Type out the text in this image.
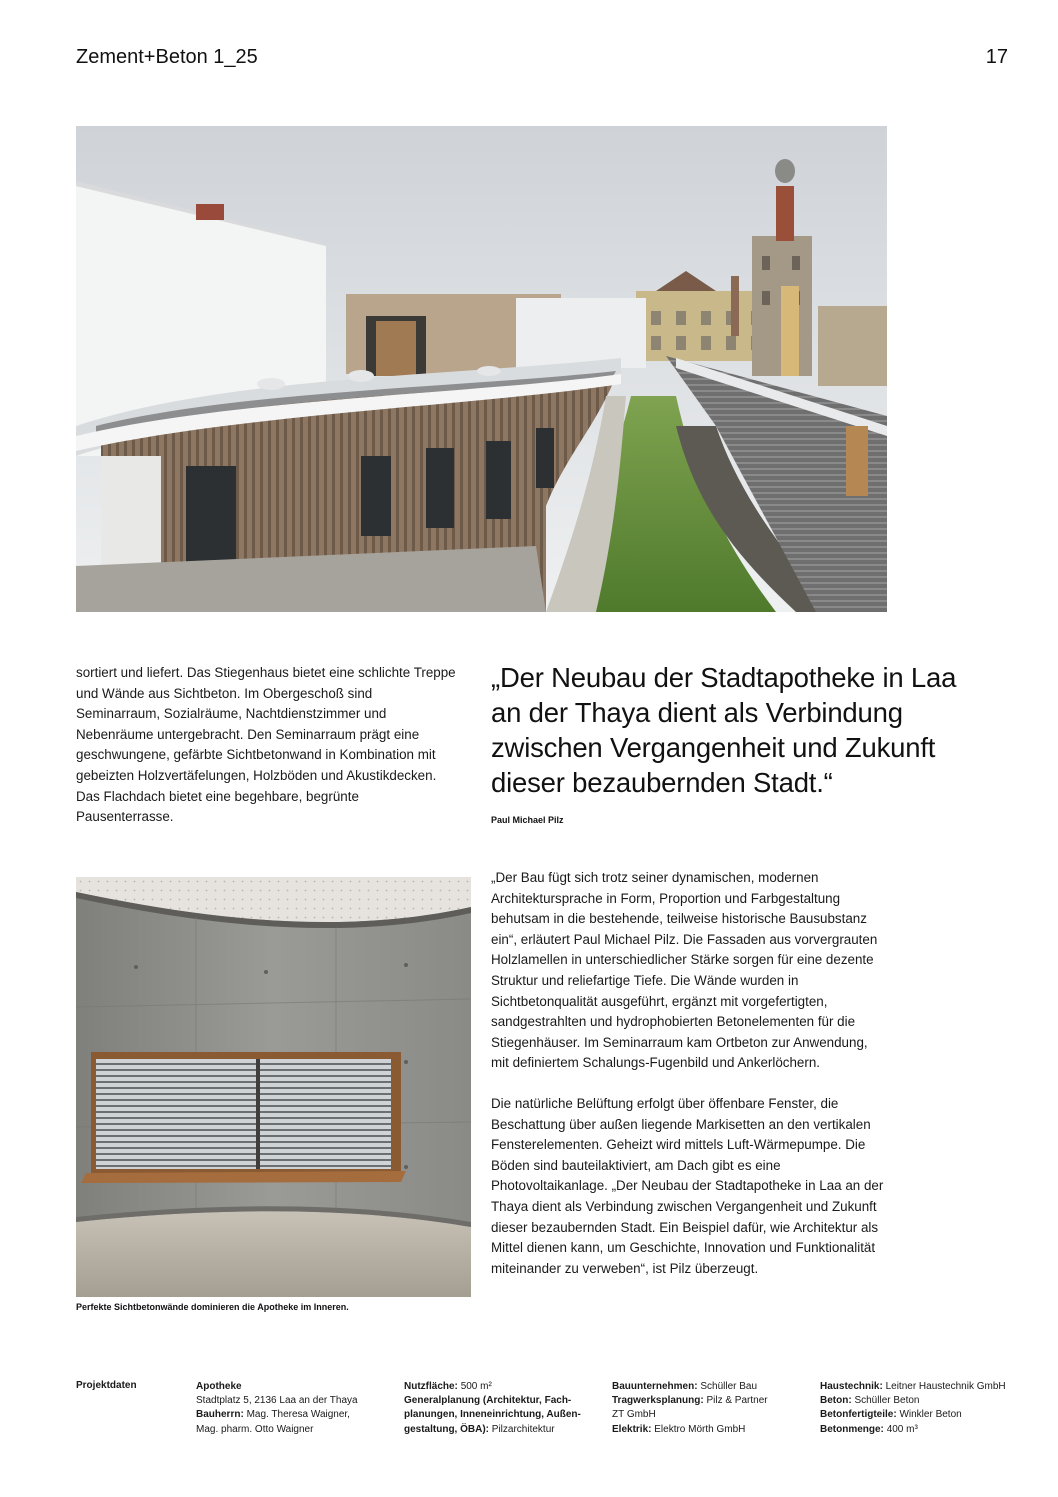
Zement+Beton 1_25	17

sortiert und liefert. Das Stiegenhaus bietet eine schlichte Treppe und Wände aus Sichtbeton. Im Obergeschoß sind Seminarraum, Sozialräume, Nachtdienstzimmer und Nebenräume untergebracht. Den Seminarraum prägt eine geschwungene, gefärbte Sichtbetonwand in Kombination mit gebeizten Holzvertäfelungen, Holzböden und Akustikdecken. Das Flachdach bietet eine begehbare, begrünte Pausenterrasse.

„Der Neubau der Stadtapotheke in Laa an der Thaya dient als Verbindung zwischen Vergangenheit und Zukunft dieser bezaubernden Stadt.“
Paul Michael Pilz

„Der Bau fügt sich trotz seiner dynamischen, modernen Architektursprache in Form, Proportion und Farbgestaltung behutsam in die bestehende, teilweise historische Bausubstanz ein“, erläutert Paul Michael Pilz. Die Fassaden aus vorvergrauten Holzlamellen in unterschiedlicher Stärke sorgen für eine dezente Struktur und reliefartige Tiefe. Die Wände wurden in Sichtbetonqualität ausgeführt, ergänzt mit vorgefertigten, sandgestrahlten und hydrophobierten Betonelementen für die Stiegenhäuser. Im Seminarraum kam Ortbeton zur Anwendung, mit definiertem Schalungs-Fugenbild und Ankerlöchern.

Die natürliche Belüftung erfolgt über öffenbare Fenster, die Beschattung über außen liegende Markisetten an den vertikalen Fensterelementen. Geheizt wird mittels Luft-Wärmepumpe. Die Böden sind bauteilaktiviert, am Dach gibt es eine Photovoltaikanlage. „Der Neubau der Stadtapotheke in Laa an der Thaya dient als Verbindung zwischen Vergangenheit und Zukunft dieser bezaubernden Stadt. Ein Beispiel dafür, wie Architektur als Mittel dienen kann, um Geschichte, Innovation und Funktionalität miteinander zu verweben“, ist Pilz überzeugt.

Perfekte Sichtbetonwände dominieren die Apotheke im Inneren.
Projektdaten	Apotheke
Stadtplatz 5, 2136 Laa an der Thaya
Bauherrn: Mag. Theresa Waigner,
Mag. pharm. Otto Waigner
Nutzfläche: 500 m²
Generalplanung (Architektur, Fach-
planungen, Inneneinrichtung, Außen-
gestaltung, ÖBA): Pilzarchitektur
Bauunternehmen: Schüller Bau
Tragwerksplanung: Pilz & Partner
ZT GmbH
Elektrik: Elektro Mörth GmbH
Haustechnik: Leitner Haustechnik GmbH
Beton: Schüller Beton
Betonfertigteile: Winkler Beton
Betonmenge: 400 m³
